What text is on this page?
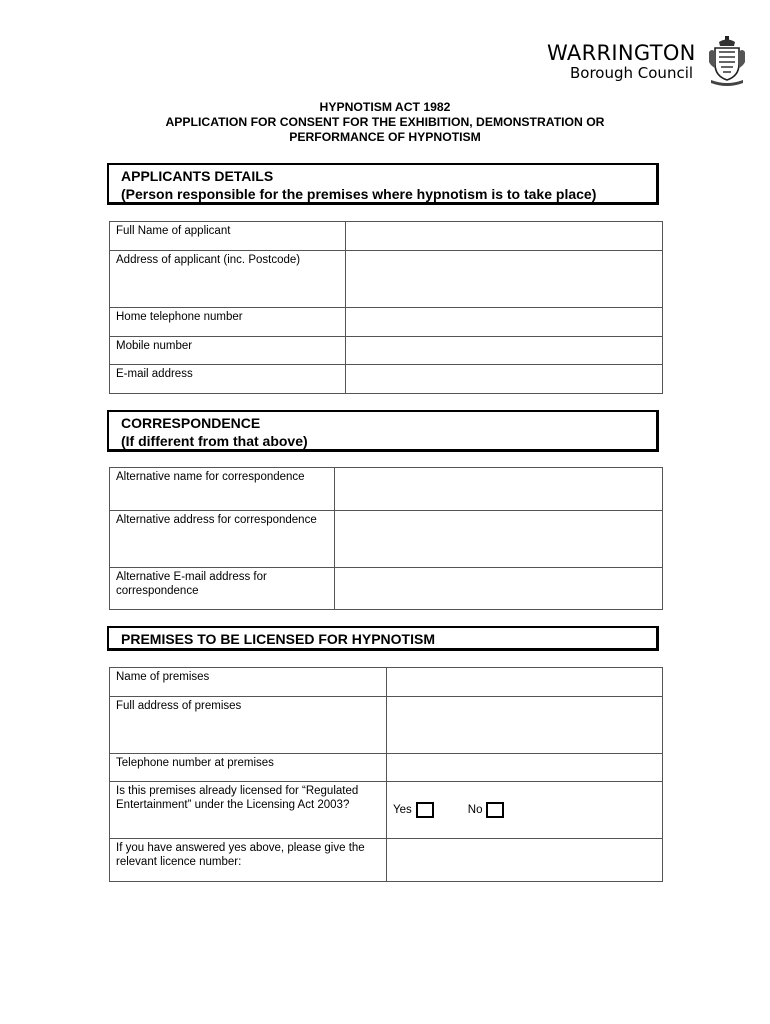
WARRINGTON
Borough Council
HYPNOTISM ACT 1982
APPLICATION FOR CONSENT FOR THE EXHIBITION, DEMONSTRATION OR
PERFORMANCE OF HYPNOTISM
APPLICANTS DETAILS
(Person responsible for the premises where hypnotism is to take place)
Full Name of applicant	
Address of applicant (inc. Postcode)	
Home telephone number	
Mobile number	
E-mail address	
CORRESPONDENCE
(If different from that above)
Alternative name for correspondence	
Alternative address for correspondence	
Alternative E-mail address for correspondence	
PREMISES TO BE LICENSED FOR HYPNOTISM
Name of premises	
Full address of premises	
Telephone number at premises	
Is this premises already licensed for “Regulated Entertainment” under the Licensing Act 2003?	Yes No
If you have answered yes above, please give the relevant licence number:	
